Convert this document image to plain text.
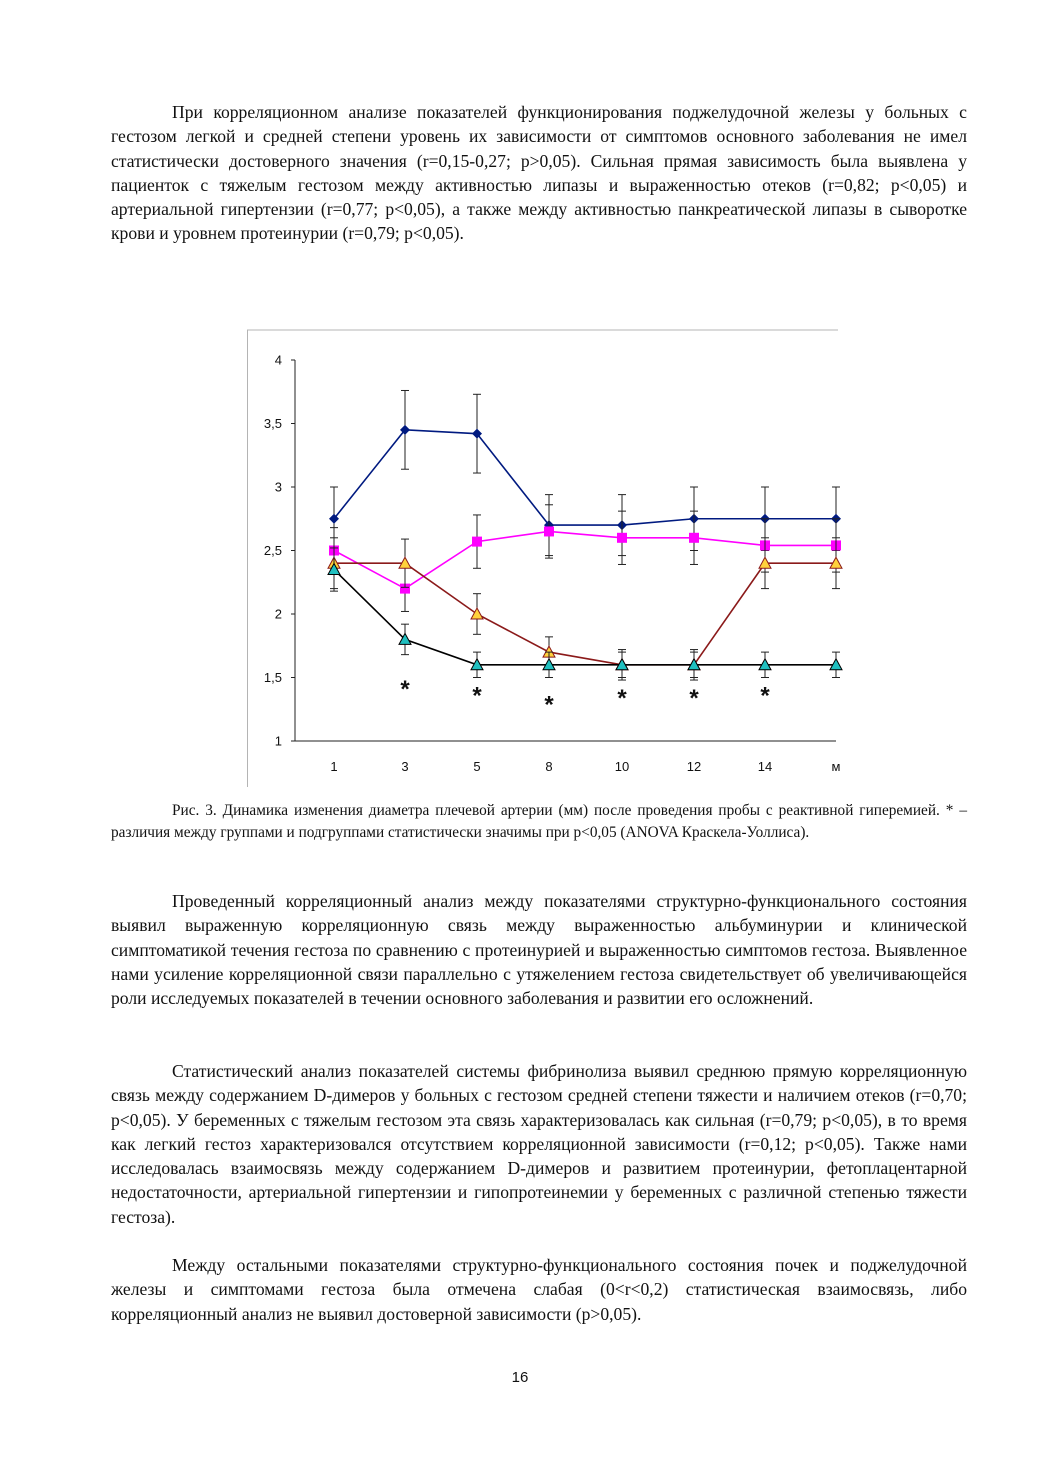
При корреляционном анализе показателей функционирования поджелудочной железы у больных с гестозом легкой и средней степени уровень их зависимости от симптомов основного заболевания не имел статистически достоверного значения (r=0,15-0,27; p>0,05). Сильная прямая зависимость была выявлена у пациенток с тяжелым гестозом между активностью липазы и выраженностью отеков (r=0,82; p<0,05) и артериальной гипертензии (r=0,77; p<0,05), а также между активностью панкреатической липазы в сыворотке крови и уровнем протеинурии (r=0,79; p<0,05).

1
1,5
2
2,5
3
3,5
4
1	3	5	8	10	12	14	м
*	*	*	*	*	*

Рис. 3. Динамика изменения диаметра плечевой артерии (мм) после проведения пробы с реактивной гиперемией. * – различия между группами и подгруппами статистически значимы при p<0,05 (ANOVA Краскела-Уоллиса).

Проведенный корреляционный анализ между показателями структурно-функционального состояния выявил выраженную корреляционную связь между выраженностью альбуминурии и клинической симптоматикой течения гестоза по сравнению с протеинурией и выраженностью симптомов гестоза. Выявленное нами усиление корреляционной связи параллельно с утяжелением гестоза свидетельствует об увеличивающейся роли исследуемых показателей в течении основного заболевания и развитии его осложнений.

Статистический анализ показателей системы фибринолиза выявил среднюю прямую корреляционную связь между содержанием D-димеров у больных с гестозом средней степени тяжести и наличием отеков (r=0,70; p<0,05). У беременных с тяжелым гестозом эта связь характеризовалась как сильная (r=0,79; p<0,05), в то время как легкий гестоз характеризовался отсутствием корреляционной зависимости (r=0,12; p<0,05). Также нами исследовалась взаимосвязь между содержанием D-димеров и развитием протеинурии, фетоплацентарной недостаточности, артериальной гипертензии и гипопротеинемии у беременных с различной степенью тяжести гестоза).

Между остальными показателями структурно-функционального состояния почек и поджелудочной железы и симптомами гестоза была отмечена слабая (0<r<0,2) статистическая взаимосвязь, либо корреляционный анализ не выявил достоверной зависимости (p>0,05).

16
